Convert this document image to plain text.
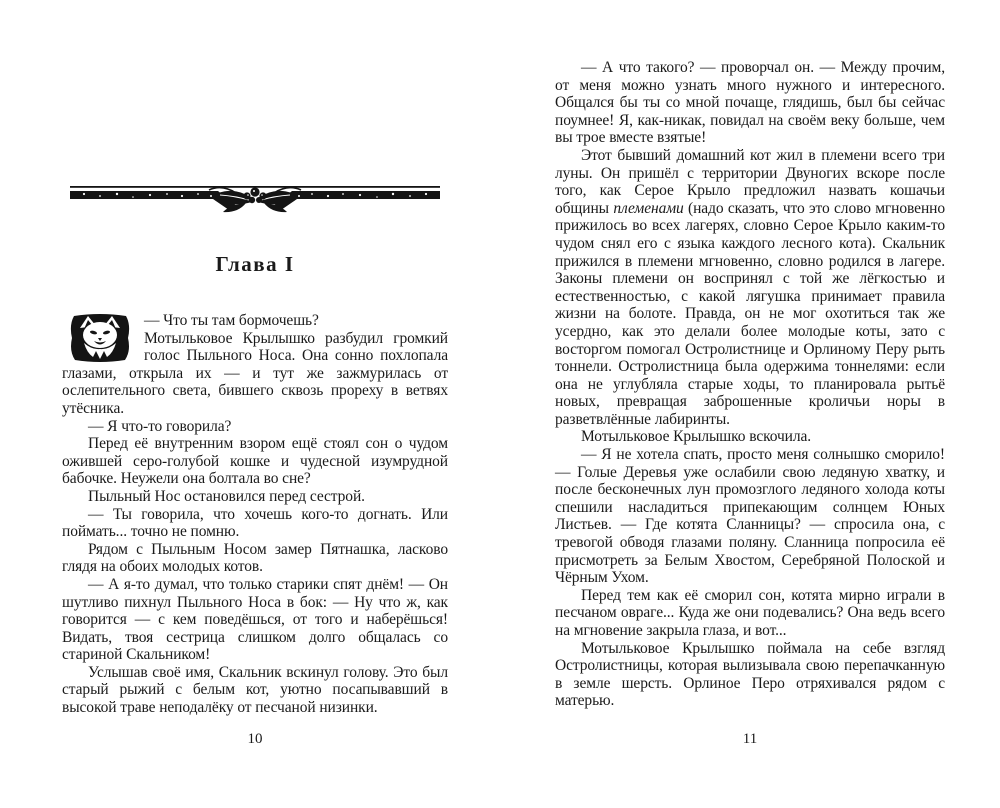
Глава I

— Что ты там бормочешь?

Мотыльковое Крылышко разбудил громкий голос Пыльного Носа. Она сонно похлопала глазами, открыла их — и тут же зажмурилась от ослепительного света, бившего сквозь прореху в ветвях утёсника.

— Я что-то говорила?

Перед её внутренним взором ещё стоял сон о чудом ожившей серо-голубой кошке и чудесной изумрудной бабочке. Неужели она болтала во сне?

Пыльный Нос остановился перед сестрой.

— Ты говорила, что хочешь кого-то догнать. Или поймать... точно не помню.

Рядом с Пыльным Носом замер Пятнашка, ласково глядя на обоих молодых котов.

— А я-то думал, что только старики спят днём! — Он шутливо пихнул Пыльного Носа в бок: — Ну что ж, как говорится — с кем поведёшься, от того и наберёшься! Видать, твоя сестрица слишком долго общалась со стариной Скальником!

Услышав своё имя, Скальник вскинул голову. Это был старый рыжий с белым кот, уютно посапывавший в высокой траве неподалёку от песчаной низинки.

10

— А что такого? — проворчал он. — Между прочим, от меня можно узнать много нужного и интересного. Общался бы ты со мной почаще, глядишь, был бы сейчас поумнее! Я, как-никак, повидал на своём веку больше, чем вы трое вместе взятые!

Этот бывший домашний кот жил в племени всего три луны. Он пришёл с территории Двуногих вскоре после того, как Серое Крыло предложил назвать кошачьи общины племенами (надо сказать, что это слово мгновенно прижилось во всех лагерях, словно Серое Крыло каким-то чудом снял его с языка каждого лесного кота). Скальник прижился в племени мгновенно, словно родился в лагере. Законы племени он воспринял с той же лёгкостью и естественностью, с какой лягушка принимает правила жизни на болоте. Правда, он не мог охотиться так же усердно, как это делали более молодые коты, зато с восторгом помогал Остролистнице и Орлиному Перу рыть тоннели. Остролистница была одержима тоннелями: если она не углубляла старые ходы, то планировала рытьё новых, превращая заброшенные кроличьи норы в разветвлённые лабиринты.

Мотыльковое Крылышко вскочила.

— Я не хотела спать, просто меня солнышко сморило! — Голые Деревья уже ослабили свою ледяную хватку, и после бесконечных лун промозглого ледяного холода коты спешили насладиться припекающим солнцем Юных Листьев. — Где котята Сланницы? — спросила она, с тревогой обводя глазами поляну. Сланница попросила её присмотреть за Белым Хвостом, Серебряной Полоской и Чёрным Ухом.

Перед тем как её сморил сон, котята мирно играли в песчаном овраге... Куда же они подевались? Она ведь всего на мгновение закрыла глаза, и вот...

Мотыльковое Крылышко поймала на себе взгляд Остролистницы, которая вылизывала свою перепачканную в земле шерсть. Орлиное Перо отряхивался рядом с матерью.

11
